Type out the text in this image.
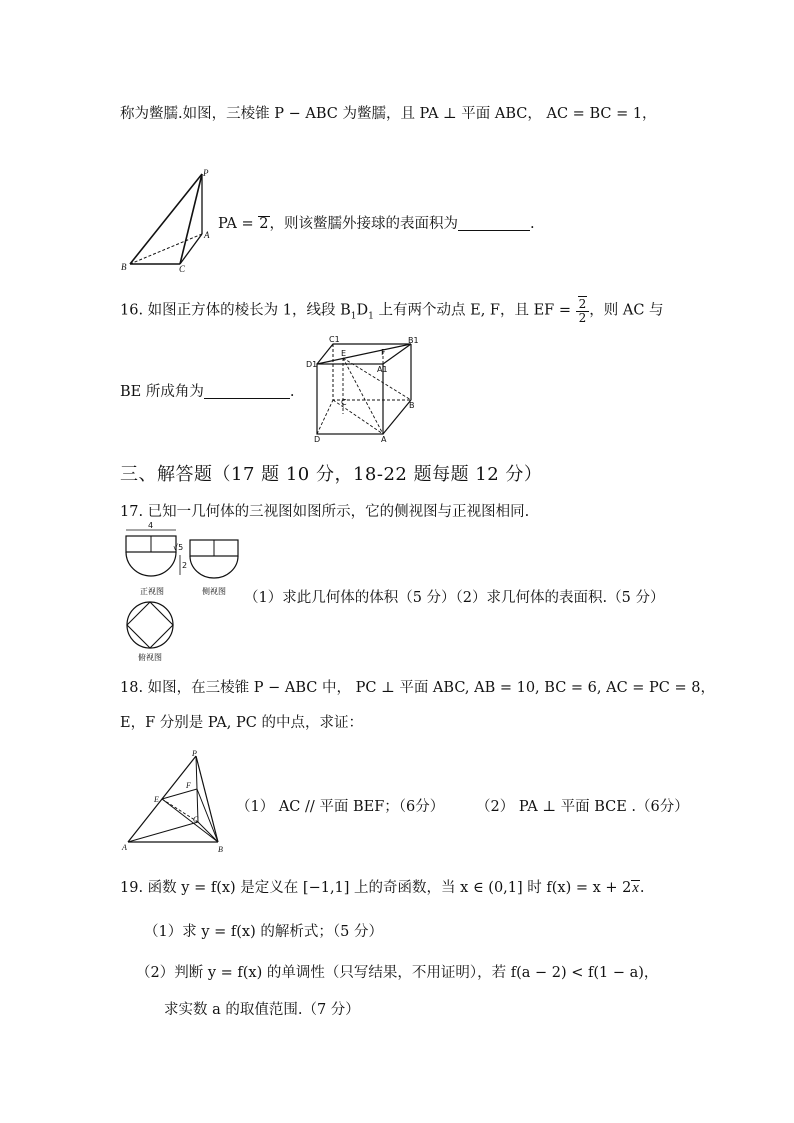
称为鳖臑.如图，三棱锥 P − ABC 为鳖臑，且 PA ⊥ 平面 ABC， AC = BC = 1，
P
A
B	C
PA = 2，则该鳖臑外接球的表面积为	.
16. 如图正方体的棱长为 1，线段 $B_1D_1$ 上有两个动点 E, F，且 EF = $\frac{2}{2}$ ，则 AC 与
C1
E	F
B1
D1
A1
C	B
D	A
BE 所成角为	.
三、解答题（17 题 10 分，18-22 题每题 12 分）
17. 已知一几何体的三视图如图所示，它的侧视图与正视图相同.
4
√5
2
正视图	侧视图
俯视图
（1）求此几何体的体积（5 分）（2）求几何体的表面积.（5 分）
18. 如图，在三棱锥 P − ABC 中， PC ⊥ 平面 ABC, AB = 10, BC = 6, AC = PC = 8，
E，F 分别是 PA, PC 的中点，求证：
P
F
E
C
A	B
（1） AC // 平面 BEF；（6分） （2） PA ⊥ 平面 BCE .（6分）
19. 函数 y = f(x) 是定义在 [−1,1] 上的奇函数，当 x ∈ (0,1] 时 f(x) = x + 2x.
（1）求 y = f(x) 的解析式；（5 分）
（2）判断 y = f(x) 的单调性（只写结果，不用证明），若 f(a − 2) < f(1 − a)，
求实数 a 的取值范围.（7 分）
